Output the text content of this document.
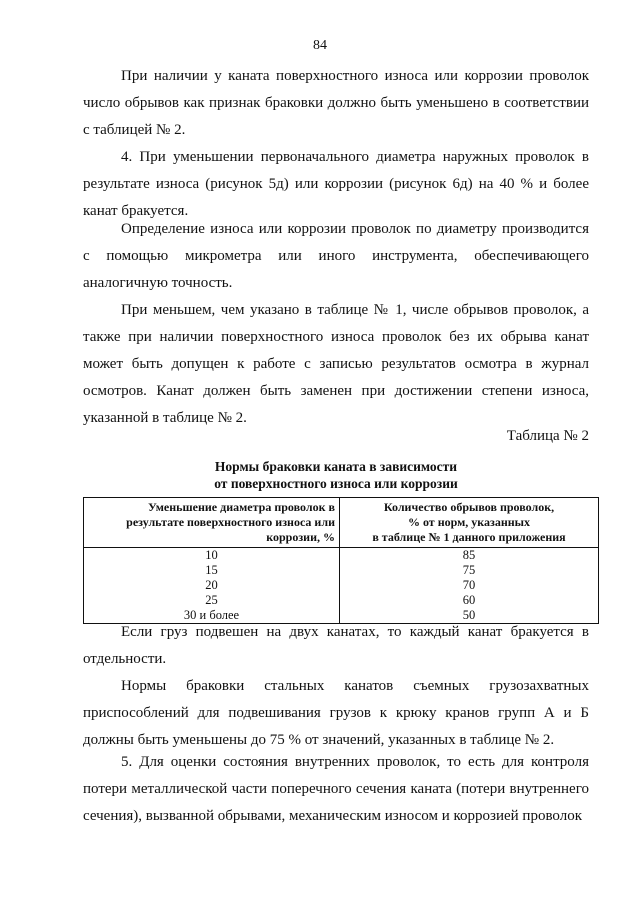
84

При наличии у каната поверхностного износа или коррозии проволок число обрывов как признак браковки должно быть уменьшено в соответствии с таблицей № 2.

4. При уменьшении первоначального диаметра наружных проволок в результате износа (рисунок 5д) или коррозии (рисунок 6д) на 40 % и более канат бракуется.

Определение износа или коррозии проволок по диаметру производится с помощью микрометра или иного инструмента, обеспечивающего аналогичную точность.

При меньшем, чем указано в таблице № 1, числе обрывов проволок, а также при наличии поверхностного износа проволок без их обрыва канат может быть допущен к работе с записью результатов осмотра в журнал осмотров. Канат должен быть заменен при достижении степени износа, указанной в таблице № 2.

Таблица № 2
Нормы браковки каната в зависимости
от поверхностного износа или коррозии
Уменьшение диаметра проволок в результате поверхностного износа или коррозии, %	Количество обрывов проволок,
% от норм, указанных
в таблице № 1 данного приложения

10	85
15	75
20	70
25	60
30 и более	50

Если груз подвешен на двух канатах, то каждый канат бракуется в отдельности.

Нормы браковки стальных канатов съемных грузозахватных приспособлений для подвешивания грузов к крюку кранов групп А и Б должны быть уменьшены до 75 % от значений, указанных в таблице № 2.

5. Для оценки состояния внутренних проволок, то есть для контроля потери металлической части поперечного сечения каната (потери внутреннего сечения), вызванной обрывами, механическим износом и коррозией проволок
